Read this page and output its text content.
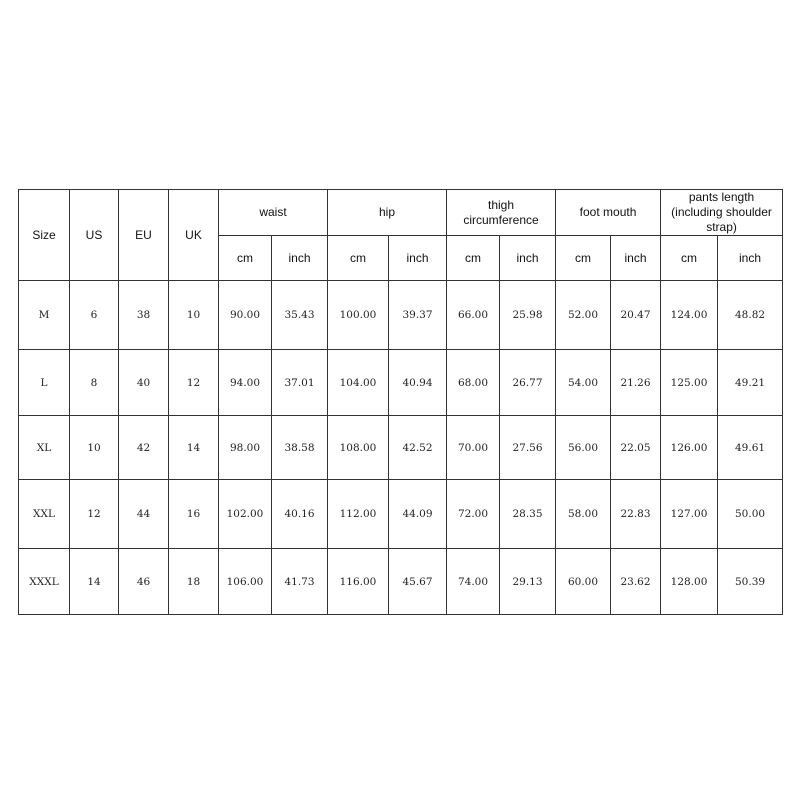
Size	US	EU	UK	waist		hip		thigh circumference		foot mouth		pants length (including shoulder strap)	
				cm	inch	cm	inch	cm	inch	cm	inch	cm	inch
M	6	38	10	90.00	35.43	100.00	39.37	66.00	25.98	52.00	20.47	124.00	48.82
L	8	40	12	94.00	37.01	104.00	40.94	68.00	26.77	54.00	21.26	125.00	49.21
XL	10	42	14	98.00	38.58	108.00	42.52	70.00	27.56	56.00	22.05	126.00	49.61
XXL	12	44	16	102.00	40.16	112.00	44.09	72.00	28.35	58.00	22.83	127.00	50.00
XXXL	14	46	18	106.00	41.73	116.00	45.67	74.00	29.13	60.00	23.62	128.00	50.39
